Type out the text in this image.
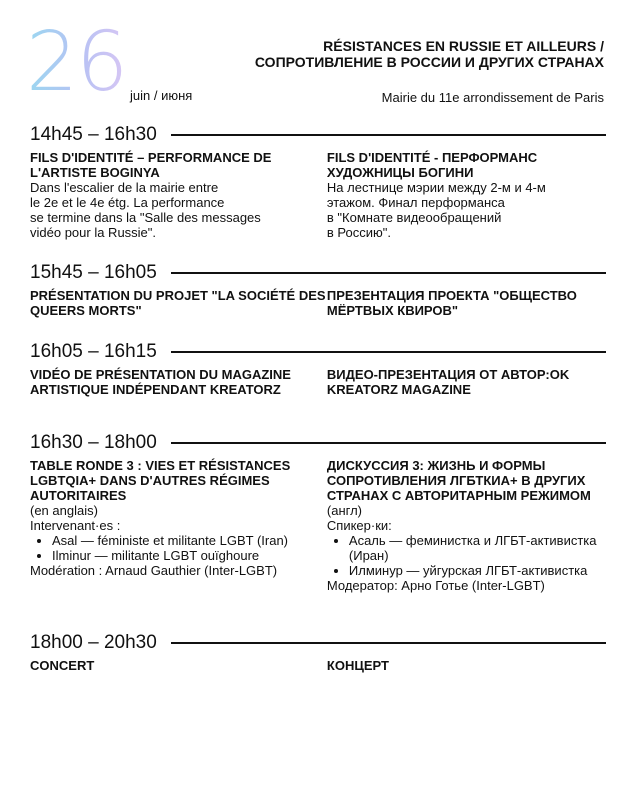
26 juin / июня
RÉSISTANCES EN RUSSIE ET AILLEURS /
СОПРОТИВЛЕНИЕ В РОССИИ И ДРУГИХ СТРАНАХ
Mairie du 11e arrondissement de Paris
14h45 – 16h30
FILS D'IDENTITÉ – PERFORMANCE DE L'ARTISTE BOGINYA
Dans l'escalier de la mairie entre
le 2e et le 4e étg. La performance
se termine dans la "Salle des messages
vidéo pour la Russie".
FILS D'IDENTITÉ - ПЕРФОРМАНС ХУДОЖНИЦЫ БОГИНИ
На лестнице мэрии между 2-м и 4-м
этажом. Финал перформанса
в "Комнате видеообращений
в Россию".
15h45 – 16h05
PRÉSENTATION DU PROJET "LA SOCIÉTÉ DES QUEERS MORTS"
ПРЕЗЕНТАЦИЯ ПРОЕКТА "ОБЩЕСТВО МЁРТВЫХ КВИРОВ"
16h05 – 16h15
VIDÉO DE PRÉSENTATION DU MAGAZINE ARTISTIQUE INDÉPENDANT KREATORZ
ВИДЕО-ПРЕЗЕНТАЦИЯ ОТ АВТОР:OK KREATORZ MAGAZINE
16h30 – 18h00
TABLE RONDE 3 : VIES ET RÉSISTANCES LGBTQIA+ DANS D'AUTRES RÉGIMES AUTORITAIRES
(en anglais)
Intervenant·es :
• Asal — féministe et militante LGBT (Iran)
• Ilminur — militante LGBT ouïghoure
Modération : Arnaud Gauthier (Inter-LGBT)
ДИСКУССИЯ 3: ЖИЗНЬ И ФОРМЫ СОПРОТИВЛЕНИЯ ЛГБТКИА+ В ДРУГИХ СТРАНАХ С АВТОРИТАРНЫМ РЕЖИМОМ
(англ)
Спикер·ки:
• Асаль — феминистка и ЛГБТ-активистка (Иран)
• Илминур — уйгурская ЛГБТ-активистка
Модератор: Арно Готье (Inter-LGBT)
18h00 – 20h30
CONCERT	КОНЦЕРТ
